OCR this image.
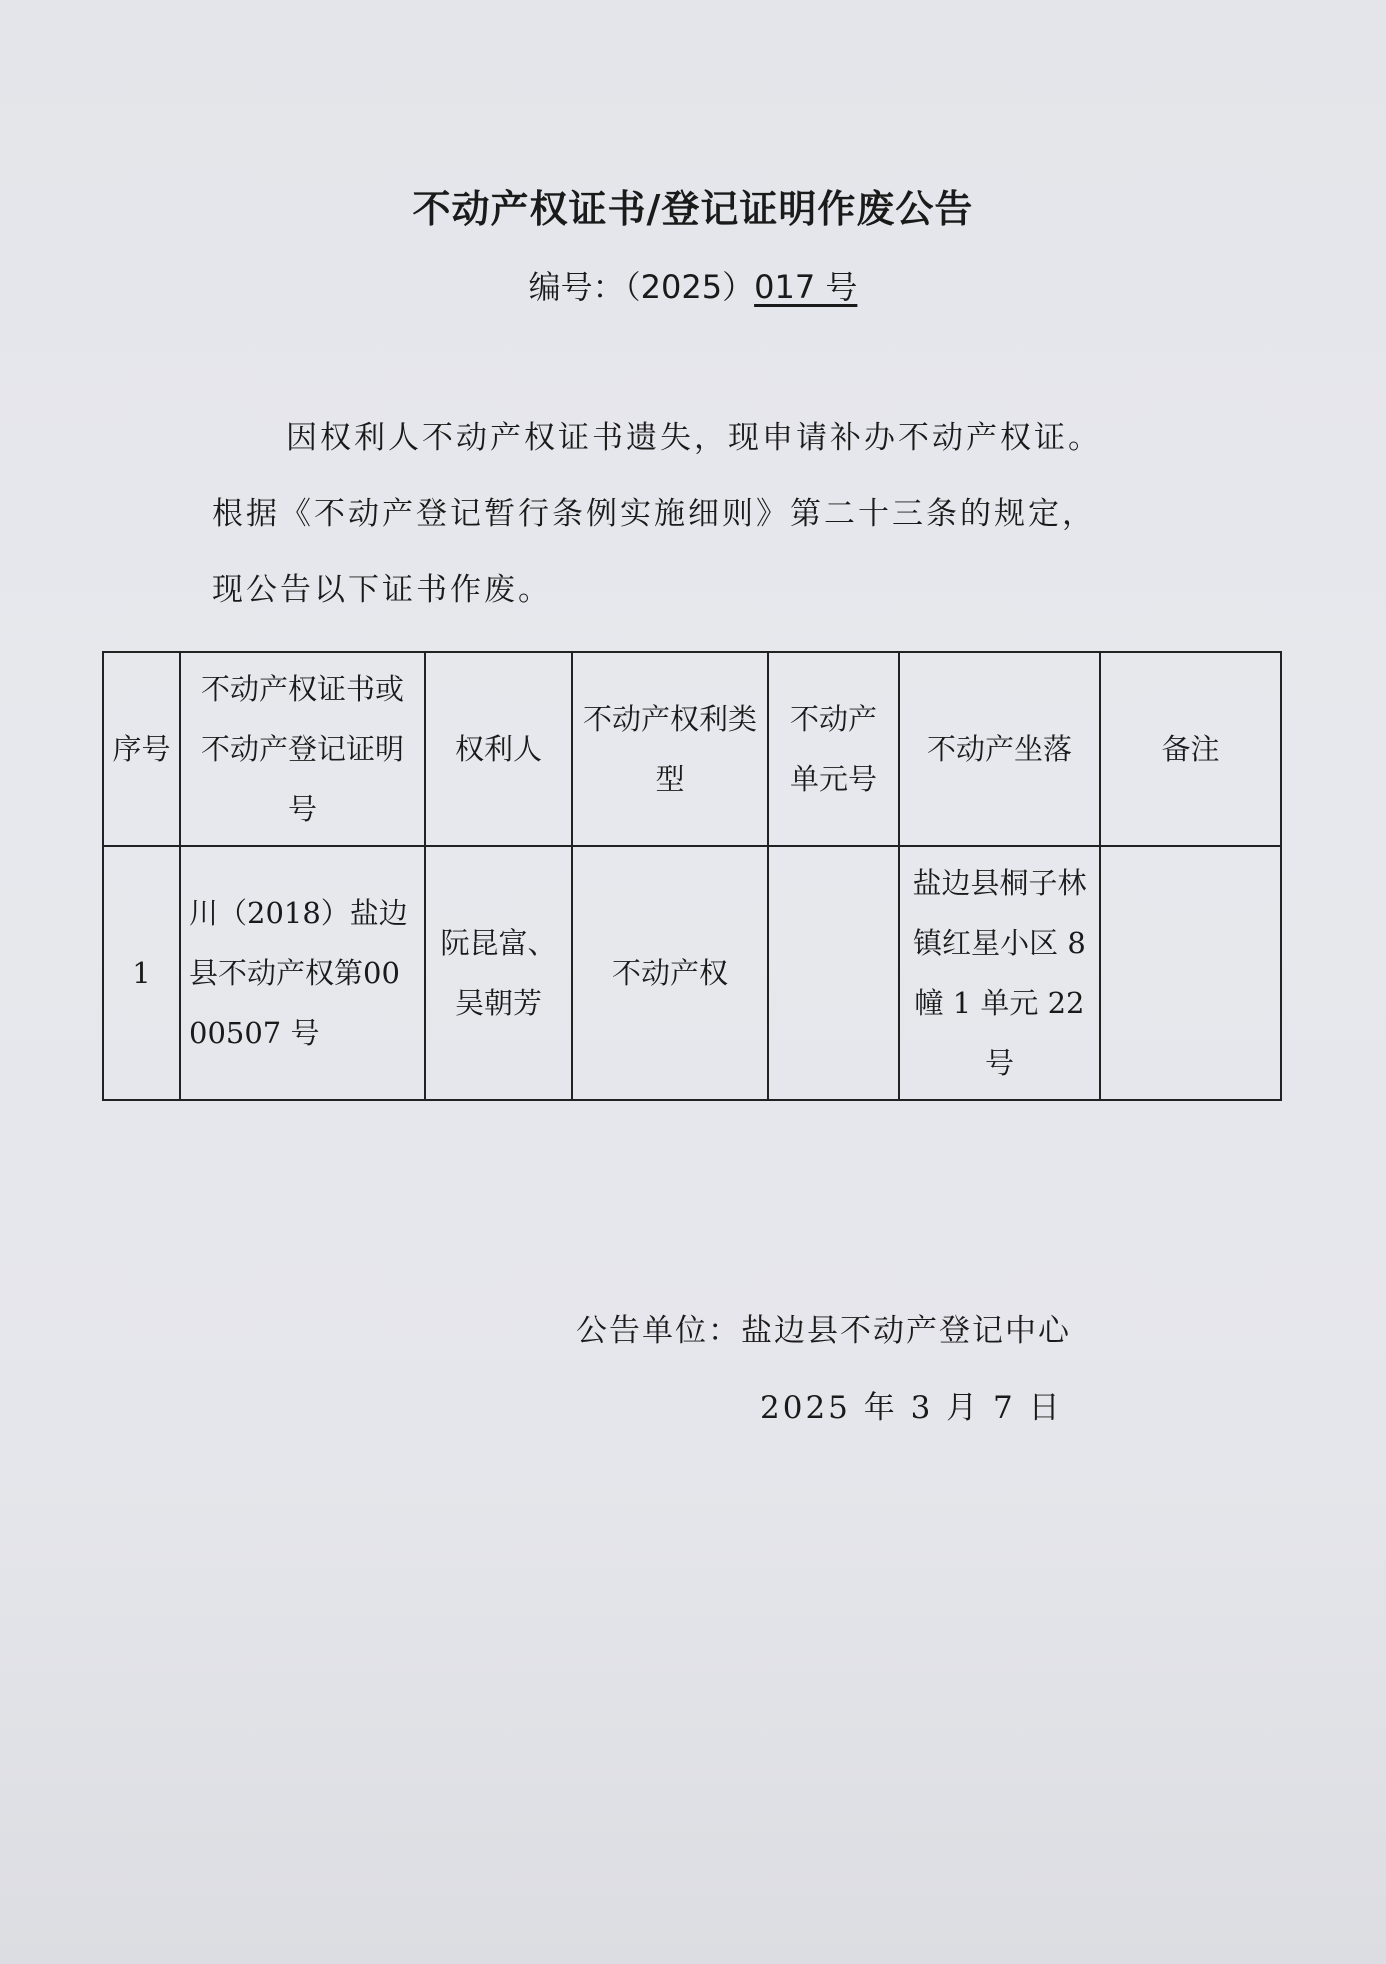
不动产权证书/登记证明作废公告
编号：（2025）017 号

因权利人不动产权证书遗失，现申请补办不动产权证。

根据《不动产登记暂行条例实施细则》第二十三条的规定，

现公告以下证书作废。

序号	不动产权证书或不动产登记证明号	权利人	不动产权利类　型	不动产单元号	不动产坐落	备注
1	川（2018）盐边县不动产权第0000507 号	阮昆富、吴朝芳	不动产权		盐边县桐子林镇红星小区 8 幢 1 单元 22 号	
公告单位：盐边县不动产登记中心
2025 年 3 月 7 日
